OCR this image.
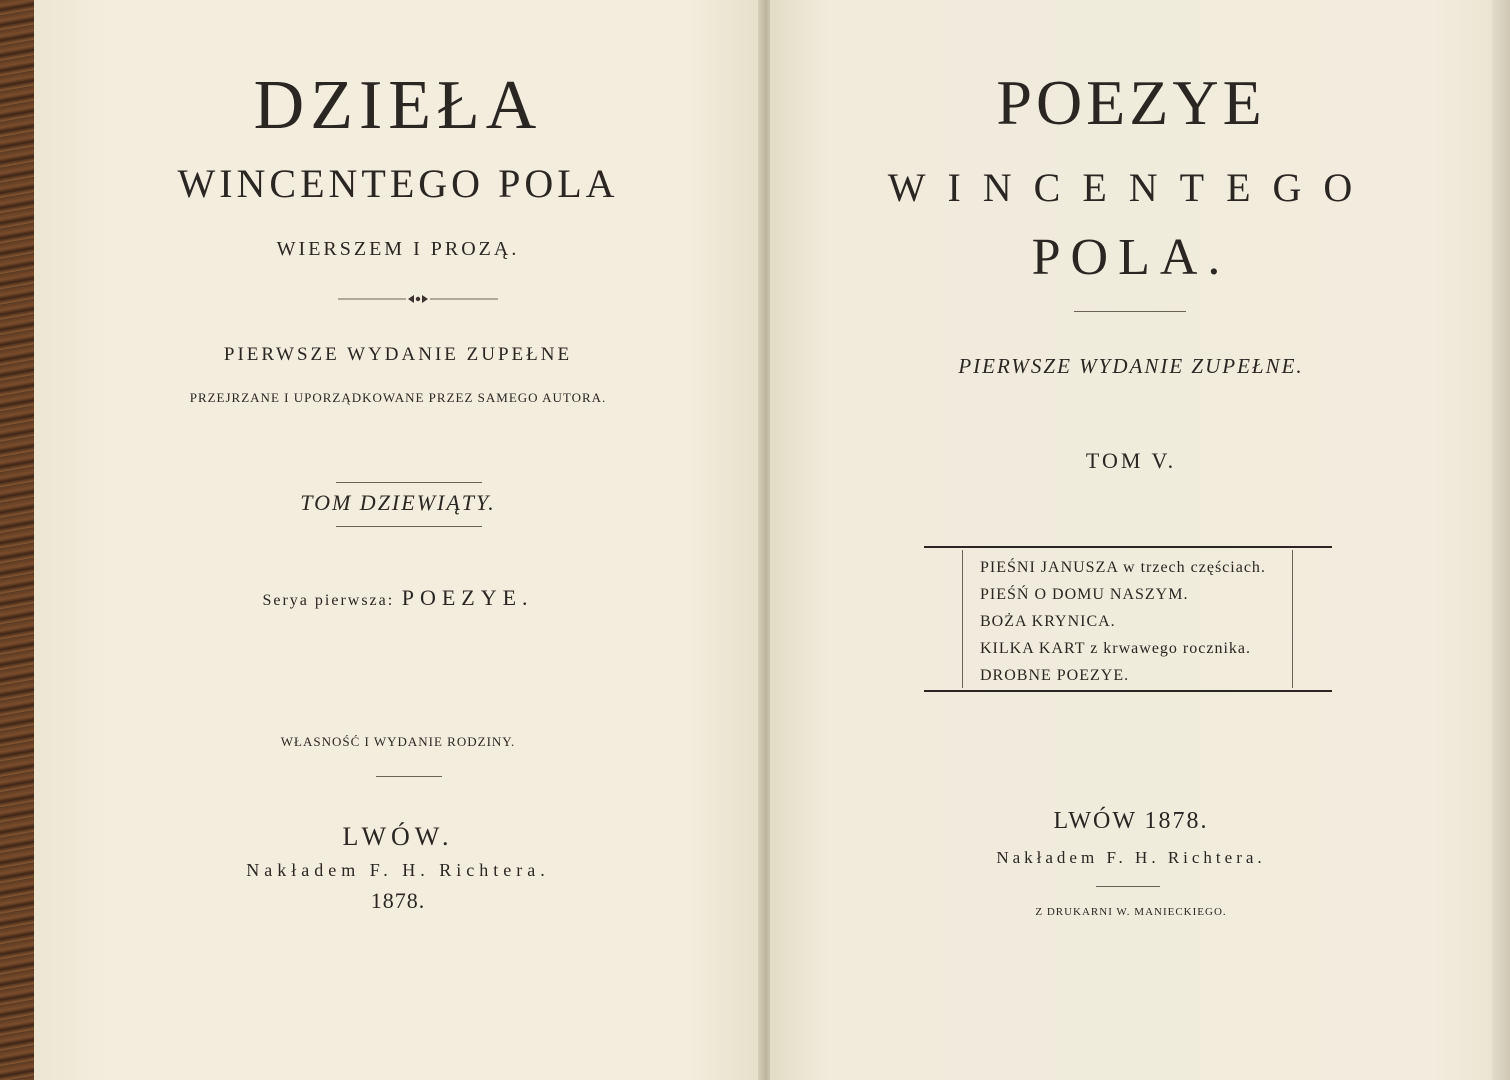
DZIEŁA
WINCENTEGO POLA
WIERSZEM I PROZĄ.
PIERWSZE WYDANIE ZUPEŁNE
PRZEJRZANE I UPORZĄDKOWANE PRZEZ SAMEGO AUTORA.
TOM DZIEWIĄTY.
Serya pierwsza: POEZYE.
WŁASNOŚĆ I WYDANIE RODZINY.
LWÓW.
Nakładem F. H. Richtera.
1878.
POEZYE
WINCENTEGO
POLA.
PIERWSZE WYDANIE ZUPEŁNE.
TOM V.
PIEŚNI JANUSZA w trzech częściach.
PIEŚŃ O DOMU NASZYM.
BOŻA KRYNICA.
KILKA KART z krwawego rocznika.
DROBNE POEZYE.
LWÓW 1878.
Nakładem F. H. Richtera.
Z DRUKARNI W. MANIECKIEGO.
